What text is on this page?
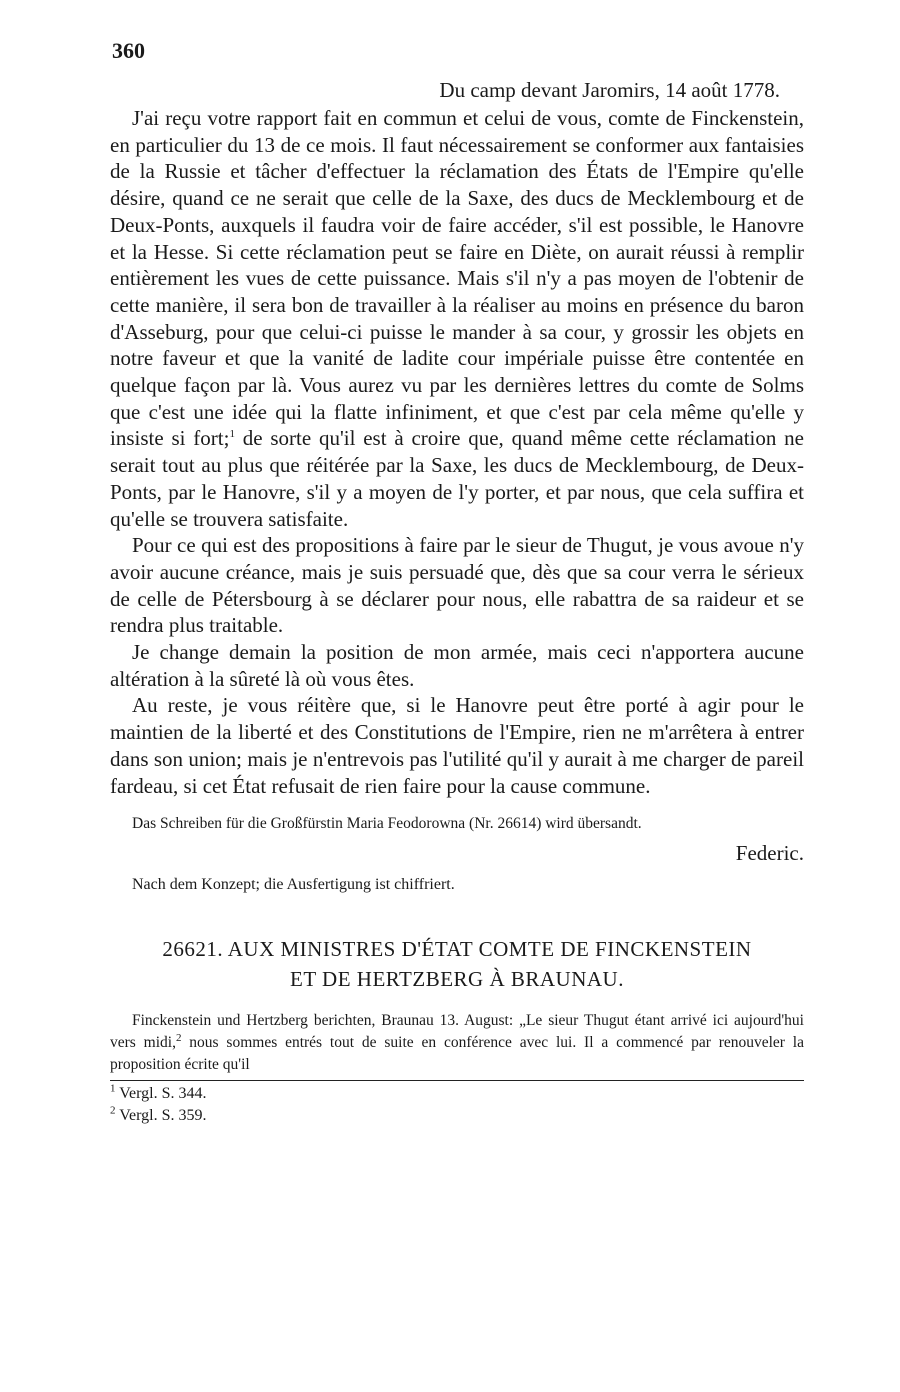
360
Du camp devant Jaromirs, 14 août 1778.

J'ai reçu votre rapport fait en commun et celui de vous, comte de Finckenstein, en particulier du 13 de ce mois. Il faut nécessairement se conformer aux fantaisies de la Russie et tâcher d'effectuer la réclamation des États de l'Empire qu'elle désire, quand ce ne serait que celle de la Saxe, des ducs de Mecklembourg et de Deux-Ponts, auxquels il faudra voir de faire accéder, s'il est possible, le Hanovre et la Hesse. Si cette réclamation peut se faire en Diète, on aurait réussi à remplir entièrement les vues de cette puissance. Mais s'il n'y a pas moyen de l'obtenir de cette manière, il sera bon de travailler à la réaliser au moins en présence du baron d'Asseburg, pour que celui-ci puisse le mander à sa cour, y grossir les objets en notre faveur et que la vanité de ladite cour impériale puisse être contentée en quelque façon par là. Vous aurez vu par les dernières lettres du comte de Solms que c'est une idée qui la flatte infiniment, et que c'est par cela même qu'elle y insiste si fort;$^1$ de sorte qu'il est à croire que, quand même cette réclamation ne serait tout au plus que réitérée par la Saxe, les ducs de Mecklembourg, de Deux-Ponts, par le Hanovre, s'il y a moyen de l'y porter, et par nous, que cela suffira et qu'elle se trouvera satisfaite.

Pour ce qui est des propositions à faire par le sieur de Thugut, je vous avoue n'y avoir aucune créance, mais je suis persuadé que, dès que sa cour verra le sérieux de celle de Pétersbourg à se déclarer pour nous, elle rabattra de sa raideur et se rendra plus traitable.

Je change demain la position de mon armée, mais ceci n'apportera aucune altération à la sûreté là où vous êtes.

Au reste, je vous réitère que, si le Hanovre peut être porté à agir pour le maintien de la liberté et des Constitutions de l'Empire, rien ne m'arrêtera à entrer dans son union; mais je n'entrevois pas l'utilité qu'il y aurait à me charger de pareil fardeau, si cet État refusait de rien faire pour la cause commune.

Das Schreiben für die Großfürstin Maria Feodorowna (Nr. 26614) wird übersandt.

Federic.

Nach dem Konzept; die Ausfertigung ist chiffriert.

26621. AUX MINISTRES D'ÉTAT COMTE DE FINCKENSTEIN
ET DE HERTZBERG À BRAUNAU.

Finckenstein und Hertzberg berichten, Braunau 13. August: „Le sieur Thugut étant arrivé ici aujourd'hui vers midi,$^2$ nous sommes entrés tout de suite en conférence avec lui. Il a commencé par renouveler la proposition écrite qu'il

$^1$ Vergl. S. 344.

$^2$ Vergl. S. 359.
